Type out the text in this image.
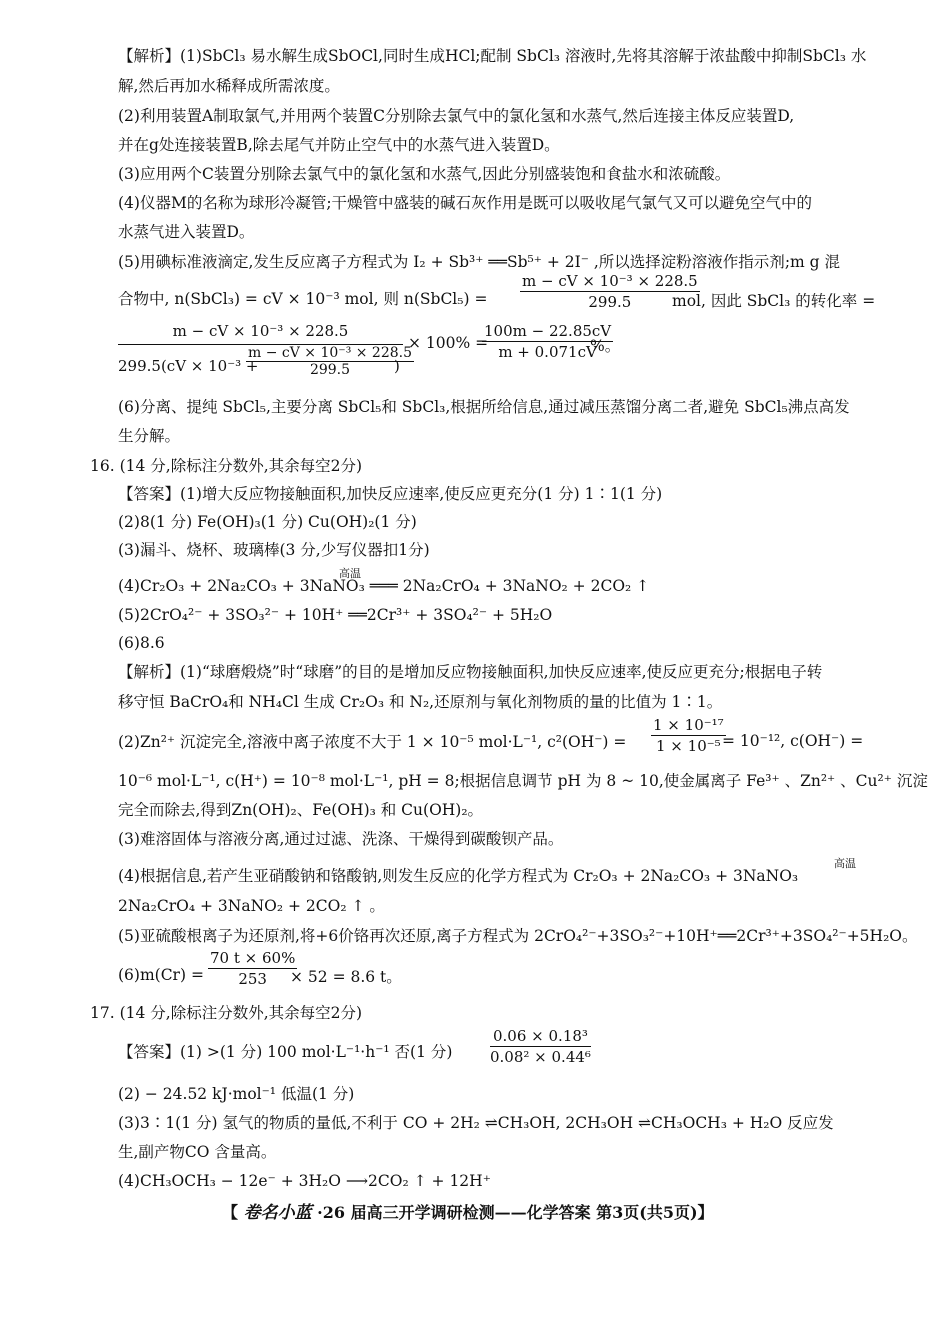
【解析】(1)SbCl₃ 易水解生成SbOCl,同时生成HCl;配制 SbCl₃ 溶液时,先将其溶解于浓盐酸中抑制SbCl₃ 水
解,然后再加水稀释成所需浓度。
(2)利用装置A制取氯气,并用两个装置C分别除去氯气中的氯化氢和水蒸气,然后连接主体反应装置D,
并在g处连接装置B,除去尾气并防止空气中的水蒸气进入装置D。
(3)应用两个C装置分别除去氯气中的氯化氢和水蒸气,因此分别盛装饱和食盐水和浓硫酸。
(4)仪器M的名称为球形冷凝管;干燥管中盛装的碱石灰作用是既可以吸收尾气氯气又可以避免空气中的
水蒸气进入装置D。
(5)用碘标准液滴定,发生反应离子方程式为 I₂ + Sb³⁺ ══Sb⁵⁺ + 2I⁻ ,所以选择淀粉溶液作指示剂;m g 混
合物中, n(SbCl₃) = cV × 10⁻³ mol, 则 n(SbCl₅) = $\frac{\text{m − cV × 10⁻³ × 228.5}}{299.5}$
mol, 因此 SbCl₃ 的转化率 =
m − cV × 10⁻³ × 228.5
299.5(cV × 10⁻³ +
$\frac{\text{m − cV × 10⁻³ × 228.5}}{299.5}$
)
× 100% =
$\frac{100m - 22.85cV}{m + 0.071cV}$
%。
(6)分离、提纯 SbCl₅,主要分离 SbCl₅和 SbCl₃,根据所给信息,通过减压蒸馏分离二者,避免 SbCl₅沸点高发
生分解。
16. (14 分,除标注分数外,其余每空2分)
【答案】(1)增大反应物接触面积,加快反应速率,使反应更充分(1 分) 1∶1(1 分)
(2)8(1 分) Fe(OH)₃(1 分) Cu(OH)₂(1 分)
(3)漏斗、烧杯、玻璃棒(3 分,少写仪器扣1分)
高温
(4)Cr₂O₃ + 2Na₂CO₃ + 3NaNO₃ ═══ 2Na₂CrO₄ + 3NaNO₂ + 2CO₂ ↑
(5)2CrO₄²⁻ + 3SO₃²⁻ + 10H⁺ ══2Cr³⁺ + 3SO₄²⁻ + 5H₂O
(6)8.6
【解析】(1)“球磨煅烧”时“球磨”的目的是增加反应物接触面积,加快反应速率,使反应更充分;根据电子转
移守恒 BaCrO₄和 NH₄Cl 生成 Cr₂O₃ 和 N₂,还原剂与氧化剂物质的量的比值为 1∶1。
(2)Zn²⁺ 沉淀完全,溶液中离子浓度不大于 1 × 10⁻⁵ mol·L⁻¹, $c^2(OH^-) = \frac{\text{1 × 10⁻¹⁷}}{\text{1 × 10⁻⁵}}$
= 10⁻¹², c(OH⁻) =
10⁻⁶ mol·L⁻¹, c(H⁺) = 10⁻⁸ mol·L⁻¹, pH = 8;根据信息调节 pH 为 8 ~ 10,使金属离子 Fe³⁺ 、Zn²⁺ 、Cu²⁺ 沉淀
完全而除去,得到Zn(OH)₂、Fe(OH)₃ 和 Cu(OH)₂。
(3)难溶固体与溶液分离,通过过滤、洗涤、干燥得到碳酸钡产品。
(4)根据信息,若产生亚硝酸钠和铬酸钠,则发生反应的化学方程式为 Cr₂O₃ + 2Na₂CO₃ + 3NaNO₃
高温
2Na₂CrO₄ + 3NaNO₂ + 2CO₂ ↑ 。
(5)亚硫酸根离子为还原剂,将+6价铬再次还原,离子方程式为 2CrO₄²⁻+3SO₃²⁻+10H⁺══2Cr³⁺+3SO₄²⁻+5H₂O。
$(6)m(Cr) = \frac{70 t \times 60\%}{253}$
× 52 = 8.6 t。
17. (14 分,除标注分数外,其余每空2分)
【答案】(1) >(1 分) 100 mol·L⁻¹·h⁻¹ 否(1 分)	$\frac{\text{0.06 × 0.18³}}{\text{0.08² × 0.44⁶}}$
(2) − 24.52 kJ·mol⁻¹ 低温(1 分)
(3)3∶1(1 分) 氢气的物质的量低,不利于 CO + 2H₂ ⇌CH₃OH, 2CH₃OH ⇌CH₃OCH₃ + H₂O 反应发
生,副产物CO 含量高。
(4)CH₃OCH₃ − 12e⁻ + 3H₂O ⟶2CO₂ ↑ + 12H⁺
【 卷名小蓝 ·26 届高三开学调研检测——化学答案 第3页(共5页)】
